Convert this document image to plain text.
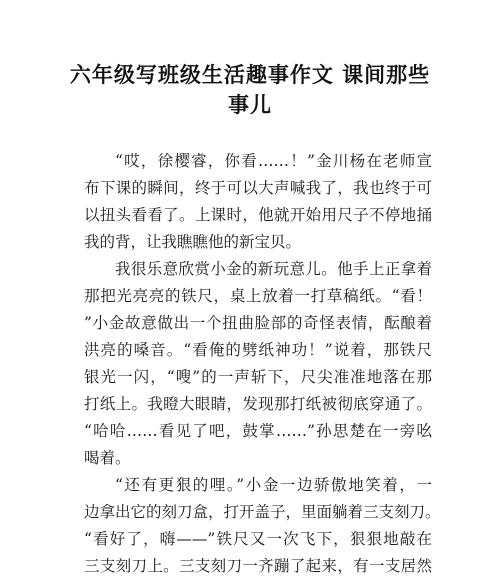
六年级写班级生活趣事作文 课间那些
事儿
“哎，徐樱睿，你看……！”金川杨在老师宣
布下课的瞬间，终于可以大声喊我了，我也终于可
以扭头看看了。上课时，他就开始用尺子不停地捅
我的背，让我瞧瞧他的新宝贝。
我很乐意欣赏小金的新玩意儿。他手上正拿着
那把光亮亮的铁尺，桌上放着一打草稿纸。“看！
”小金故意做出一个扭曲脸部的奇怪表情，酝酿着
洪亮的嗓音。“看俺的劈纸神功！”说着，那铁尺
银光一闪，“嗖”的一声斩下，尺尖准准地落在那
打纸上。我瞪大眼睛，发现那打纸被彻底穿通了。
“哈哈……看见了吧，鼓掌……”孙思楚在一旁吆
喝着。
“还有更狠的哩。”小金一边骄傲地笑着，一
边拿出它的刻刀盒，打开盖子，里面躺着三支刻刀。
“看好了，嗨——”铁尺又一次飞下，狠狠地敲在
三支刻刀上。三支刻刀一齐蹦了起来，有一支居然
